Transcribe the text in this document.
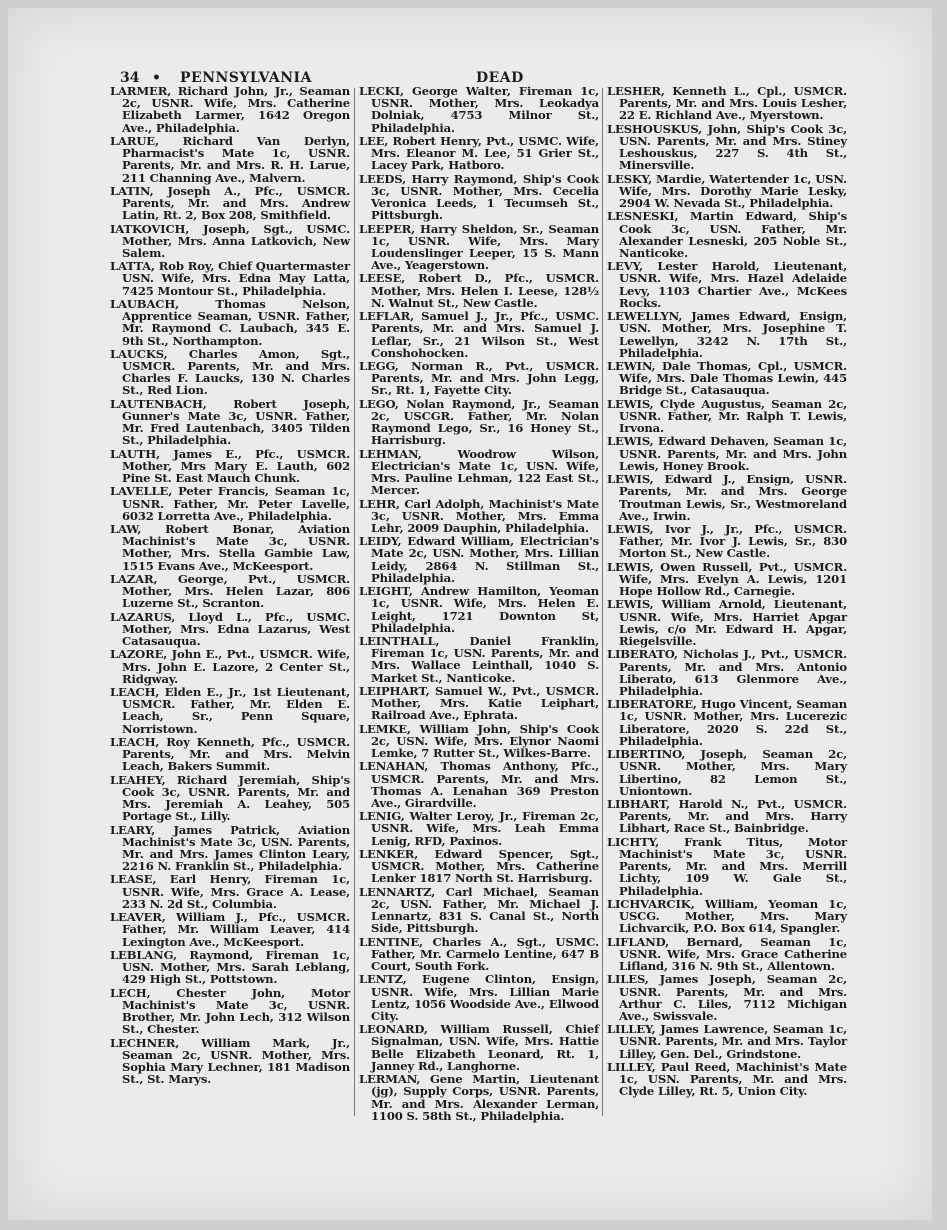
34 • PENNSYLVANIA	DEAD
LARMER, Richard John, Jr., Seaman 2c, USNR. Wife, Mrs. Catherine Elizabeth Larmer, 1642 Oregon Ave., Philadelphia.
LARUE, Richard Van Derlyn, Pharmacist's Mate 1c, USNR. Parents, Mr. and Mrs. R. H. Larue, 211 Channing Ave., Malvern.
LATIN, Joseph A., Pfc., USMCR. Parents, Mr. and Mrs. Andrew Latin, Rt. 2, Box 208, Smithfield.
IATKOVICH, Joseph, Sgt., USMC. Mother, Mrs. Anna Latkovich, New Salem.
LATTA, Rob Roy, Chief Quartermaster USN. Wife, Mrs. Edna May Latta, 7425 Montour St., Philadelphia.
LAUBACH, Thomas Nelson, Apprentice Seaman, USNR. Father, Mr. Raymond C. Laubach, 345 E. 9th St., Northampton.
LAUCKS, Charles Amon, Sgt., USMCR. Parents, Mr. and Mrs. Charles F. Laucks, 130 N. Charles St., Red Lion.
LAUTENBACH, Robert Joseph, Gunner's Mate 3c, USNR. Father, Mr. Fred Lautenbach, 3405 Tilden St., Philadelphia.
LAUTH, James E., Pfc., USMCR. Mother, Mrs Mary E. Lauth, 602 Pine St. East Mauch Chunk.
LAVELLE, Peter Francis, Seaman 1c, USNR. Father, Mr. Peter Lavelle, 6032 Lorretta Ave., Philadelphia.
LAW, Robert Bonar, Aviation Machinist's Mate 3c, USNR. Mother, Mrs. Stella Gambie Law, 1515 Evans Ave., McKeesport.
LAZAR, George, Pvt., USMCR. Mother, Mrs. Helen Lazar, 806 Luzerne St., Scranton.
LAZARUS, Lloyd L., Pfc., USMC. Mother, Mrs. Edna Lazarus, West Catasauqua.
LAZORE, John E., Pvt., USMCR. Wife, Mrs. John E. Lazore, 2 Center St., Ridgway.
LEACH, Elden E., Jr., 1st Lieutenant, USMCR. Father, Mr. Elden E. Leach, Sr., Penn Square, Norristown.
LEACH, Roy Kenneth, Pfc., USMCR. Parents, Mr. and Mrs. Melvin Leach, Bakers Summit.
LEAHEY, Richard Jeremiah, Ship's Cook 3c, USNR. Parents, Mr. and Mrs. Jeremiah A. Leahey, 505 Portage St., Lilly.
LEARY, James Patrick, Aviation Machinist's Mate 3c, USN. Parents, Mr. and Mrs. James Clinton Leary, 2216 N. Franklin St., Philadelphia.
LEASE, Earl Henry, Fireman 1c, USNR. Wife, Mrs. Grace A. Lease, 233 N. 2d St., Columbia.
LEAVER, William J., Pfc., USMCR. Father, Mr. William Leaver, 414 Lexington Ave., McKeesport.
LEBLANG, Raymond, Fireman 1c, USN. Mother, Mrs. Sarah Leblang, 429 High St., Pottstown.
LECH, Chester John, Motor Machinist's Mate 3c, USNR. Brother, Mr. John Lech, 312 Wilson St., Chester.
LECHNER, William Mark, Jr., Seaman 2c, USNR. Mother, Mrs. Sophia Mary Lechner, 181 Madison St., St. Marys.
LECKI, George Walter, Fireman 1c, USNR. Mother, Mrs. Leokadya Dolniak, 4753 Milnor St., Philadelphia.
LEE, Robert Henry, Pvt., USMC. Wife, Mrs. Eleanor M. Lee, 51 Grier St., Lacey Park, Hatboro.
LEEDS, Harry Raymond, Ship's Cook 3c, USNR. Mother, Mrs. Cecelia Veronica Leeds, 1 Tecumseh St., Pittsburgh.
LEEPER, Harry Sheldon, Sr., Seaman 1c, USNR. Wife, Mrs. Mary Loudenslinger Leeper, 15 S. Mann Ave., Yeagerstown.
LEESE, Robert D., Pfc., USMCR. Mother, Mrs. Helen I. Leese, 128½ N. Walnut St., New Castle.
LEFLAR, Samuel J., Jr., Pfc., USMC. Parents, Mr. and Mrs. Samuel J. Leflar, Sr., 21 Wilson St., West Conshohocken.
LEGG, Norman R., Pvt., USMCR. Parents, Mr. and Mrs. John Legg, Sr., Rt. 1, Fayette City.
LEGO, Nolan Raymond, Jr., Seaman 2c, USCGR. Father, Mr. Nolan Raymond Lego, Sr., 16 Honey St., Harrisburg.
LEHMAN, Woodrow Wilson, Electrician's Mate 1c, USN. Wife, Mrs. Pauline Lehman, 122 East St., Mercer.
LEHR, Carl Adolph, Machinist's Mate 3c, USNR. Mother, Mrs. Emma Lehr, 2009 Dauphin, Philadelphia.
LEIDY, Edward William, Electrician's Mate 2c, USN. Mother, Mrs. Lillian Leidy, 2864 N. Stillman St., Philadelphia.
LEIGHT, Andrew Hamilton, Yeoman 1c, USNR. Wife, Mrs. Helen E. Leight, 1721 Downton St, Philadelphia.
LEINTHALL, Daniel Franklin, Fireman 1c, USN. Parents, Mr. and Mrs. Wallace Leinthall, 1040 S. Market St., Nanticoke.
LEIPHART, Samuel W., Pvt., USMCR. Mother, Mrs. Katie Leiphart, Railroad Ave., Ephrata.
LEMKE, William John, Ship's Cook 2c, USN. Wife, Mrs. Elynor Naomi Lemke, 7 Rutter St., Wilkes-Barre.
LENAHAN, Thomas Anthony, Pfc., USMCR. Parents, Mr. and Mrs. Thomas A. Lenahan 369 Preston Ave., Girardville.
LENIG, Walter Leroy, Jr., Fireman 2c, USNR. Wife, Mrs. Leah Emma Lenig, RFD, Paxinos.
LENKER, Edward Spencer, Sgt., USMCR. Mother, Mrs. Catherine Lenker 1817 North St. Harrisburg.
LENNARTZ, Carl Michael, Seaman 2c, USN. Father, Mr. Michael J. Lennartz, 831 S. Canal St., North Side, Pittsburgh.
LENTINE, Charles A., Sgt., USMC. Father, Mr. Carmelo Lentine, 647 B Court, South Fork.
LENTZ, Eugene Clinton, Ensign, USNR. Wife, Mrs. Lillian Marie Lentz, 1056 Woodside Ave., Ellwood City.
LEONARD, William Russell, Chief Signalman, USN. Wife, Mrs. Hattie Belle Elizabeth Leonard, Rt. 1, Janney Rd., Langhorne.
LERMAN, Gene Martin, Lieutenant (jg), Supply Corps, USNR. Parents, Mr. and Mrs. Alexander Lerman, 1100 S. 58th St., Philadelphia.
LESHER, Kenneth L., Cpl., USMCR. Parents, Mr. and Mrs. Louis Lesher, 22 E. Richland Ave., Myerstown.
LESHOUSKUS, John, Ship's Cook 3c, USN. Parents, Mr. and Mrs. Stiney Leshouskus, 227 S. 4th St., Minersville.
LESKY, Mardie, Watertender 1c, USN. Wife, Mrs. Dorothy Marie Lesky, 2904 W. Nevada St., Philadelphia.
LESNESKI, Martin Edward, Ship's Cook 3c, USN. Father, Mr. Alexander Lesneski, 205 Noble St., Nanticoke.
LEVY, Lester Harold, Lieutenant, USNR. Wife, Mrs. Hazel Adelaide Levy, 1103 Chartier Ave., McKees Rocks.
LEWELLYN, James Edward, Ensign, USN. Mother, Mrs. Josephine T. Lewellyn, 3242 N. 17th St., Philadelphia.
LEWIN, Dale Thomas, Cpl., USMCR. Wife, Mrs. Dale Thomas Lewin, 445 Bridge St., Catasauqua.
LEWIS, Clyde Augustus, Seaman 2c, USNR. Father, Mr. Ralph T. Lewis, Irvona.
LEWIS, Edward Dehaven, Seaman 1c, USNR. Parents, Mr. and Mrs. John Lewis, Honey Brook.
LEWIS, Edward J., Ensign, USNR. Parents, Mr. and Mrs. George Troutman Lewis, Sr., Westmoreland Ave., Irwin.
LEWIS, Ivor J., Jr., Pfc., USMCR. Father, Mr. Ivor J. Lewis, Sr., 830 Morton St., New Castle.
LEWIS, Owen Russell, Pvt., USMCR. Wife, Mrs. Evelyn A. Lewis, 1201 Hope Hollow Rd., Carnegie.
LEWIS, William Arnold, Lieutenant, USNR. Wife, Mrs. Harriet Apgar Lewis, c/o Mr. Edward H. Apgar, Riegelsville.
LIBERATO, Nicholas J., Pvt., USMCR. Parents, Mr. and Mrs. Antonio Liberato, 613 Glenmore Ave., Philadelphia.
LIBERATORE, Hugo Vincent, Seaman 1c, USNR. Mother, Mrs. Lucerezic Liberatore, 2020 S. 22d St., Philadelphia.
LIBERTINO, Joseph, Seaman 2c, USNR. Mother, Mrs. Mary Libertino, 82 Lemon St., Uniontown.
LIBHART, Harold N., Pvt., USMCR. Parents, Mr. and Mrs. Harry Libhart, Race St., Bainbridge.
LICHTY, Frank Titus, Motor Machinist's Mate 3c, USNR. Parents, Mr. and Mrs. Merrill Lichty, 109 W. Gale St., Philadelphia.
LICHVARCIK, William, Yeoman 1c, USCG. Mother, Mrs. Mary Lichvarcik, P.O. Box 614, Spangler.
LIFLAND, Bernard, Seaman 1c, USNR. Wife, Mrs. Grace Catherine Lifland, 316 N. 9th St., Allentown.
LILES, James Joseph, Seaman 2c, USNR. Parents, Mr. and Mrs. Arthur C. Liles, 7112 Michigan Ave., Swissvale.
LILLEY, James Lawrence, Seaman 1c, USNR. Parents, Mr. and Mrs. Taylor Lilley, Gen. Del., Grindstone.
LILLEY, Paul Reed, Machinist's Mate 1c, USN. Parents, Mr. and Mrs. Clyde Lilley, Rt. 5, Union City.
